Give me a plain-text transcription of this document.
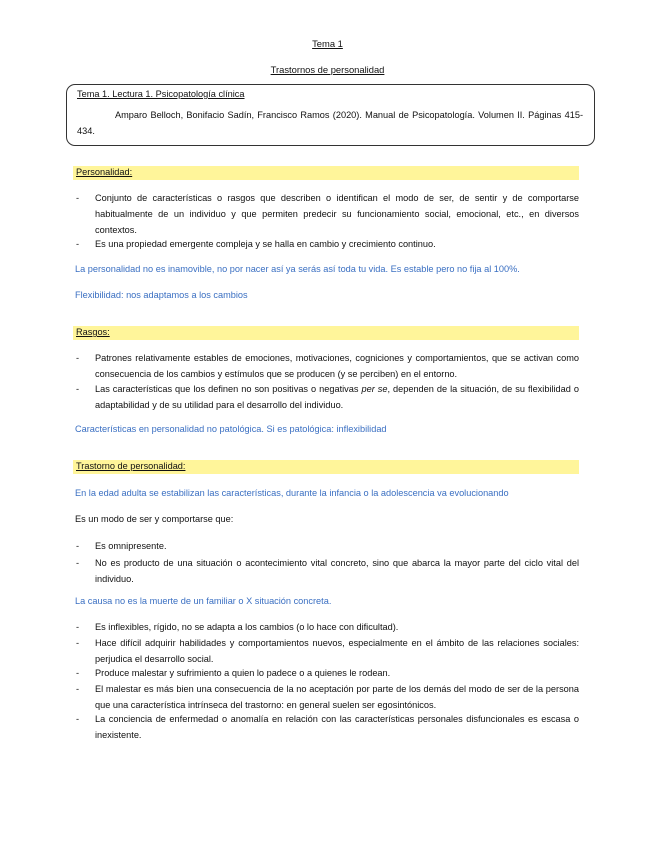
Tema 1
Trastornos de personalidad
Tema 1. Lectura 1. Psicopatología clínica
Amparo Belloch, Bonifacio Sadín, Francisco Ramos (2020). Manual de Psicopatología. Volumen II. Páginas 415-434.
Personalidad:
- Conjunto de características o rasgos que describen o identifican el modo de ser, de sentir y de comportarse habitualmente de un individuo y que permiten predecir su funcionamiento social, emocional, etc., en diversos contextos.
- Es una propiedad emergente compleja y se halla en cambio y crecimiento continuo.
La personalidad no es inamovible, no por nacer así ya serás así toda tu vida. Es estable pero no fija al 100%.
Flexibilidad: nos adaptamos a los cambios
Rasgos:
- Patrones relativamente estables de emociones, motivaciones, cogniciones y comportamientos, que se activan como consecuencia de los cambios y estímulos que se producen (y se perciben) en el entorno.
- Las características que los definen no son positivas o negativas per se, dependen de la situación, de su flexibilidad o adaptabilidad y de su utilidad para el desarrollo del individuo.
Características en personalidad no patológica. Si es patológica: inflexibilidad
Trastorno de personalidad:
En la edad adulta se estabilizan las características, durante la infancia o la adolescencia va evolucionando
Es un modo de ser y comportarse que:
- Es omnipresente.
- No es producto de una situación o acontecimiento vital concreto, sino que abarca la mayor parte del ciclo vital del individuo.
La causa no es la muerte de un familiar o X situación concreta.
- Es inflexibles, rígido, no se adapta a los cambios (o lo hace con dificultad).
- Hace difícil adquirir habilidades y comportamientos nuevos, especialmente en el ámbito de las relaciones sociales: perjudica el desarrollo social.
- Produce malestar y sufrimiento a quien lo padece o a quienes le rodean.
- El malestar es más bien una consecuencia de la no aceptación por parte de los demás del modo de ser de la persona que una característica intrínseca del trastorno: en general suelen ser egosintónicos.
- La conciencia de enfermedad o anomalía en relación con las características personales disfuncionales es escasa o inexistente.
